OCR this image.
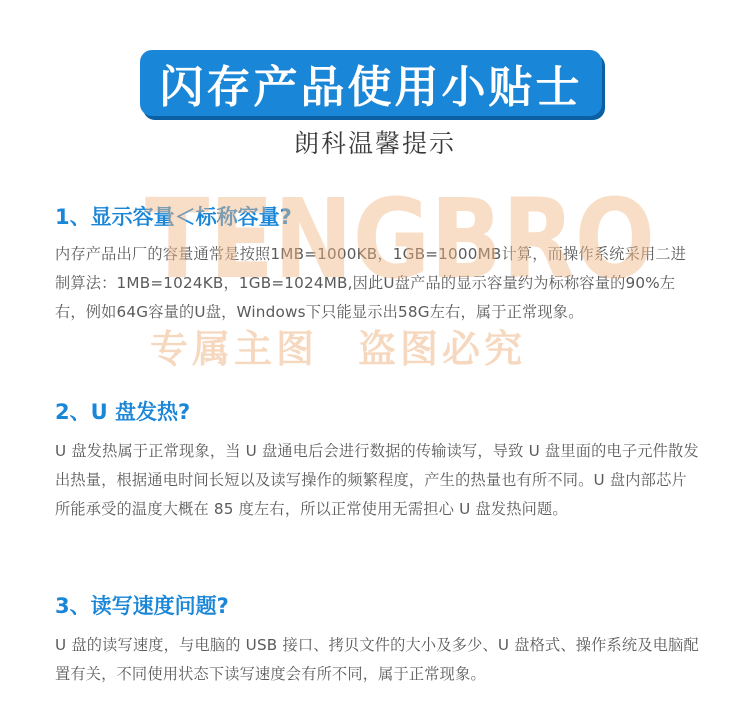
闪存产品使用小贴士
朗科温馨提示
1、显示容量＜标称容量?

内存产品出厂的容量通常是按照1MB=1000KB，1GB=1000MB计算，而操作系统采用二进制算法：1MB=1024KB，1GB=1024MB,因此U盘产品的显示容量约为标称容量的90%左右，例如64G容量的U盘，Windows下只能显示出58G左右，属于正常现象。

2、U 盘发热?

U 盘发热属于正常现象，当 U 盘通电后会进行数据的传输读写，导致 U 盘里面的电子元件散发出热量，根据通电时间长短以及读写操作的频繁程度，产生的热量也有所不同。U 盘内部芯片所能承受的温度大概在 85 度左右，所以正常使用无需担心 U 盘发热问题。

3、读写速度问题?

U 盘的读写速度，与电脑的 USB 接口、拷贝文件的大小及多少、U 盘格式、操作系统及电脑配置有关，不同使用状态下读写速度会有所不同，属于正常现象。

TENGBRO
专属主图 盗图必究
